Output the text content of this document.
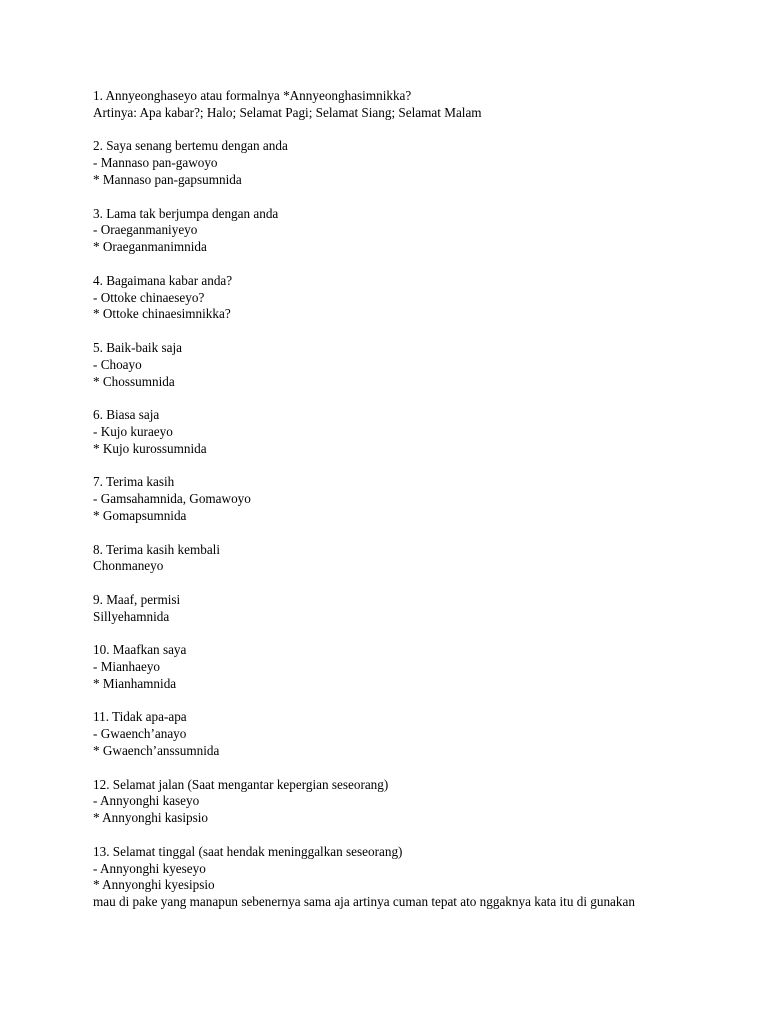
1. Annyeonghaseyo atau formalnya *Annyeonghasimnikka?
Artinya: Apa kabar?; Halo; Selamat Pagi; Selamat Siang; Selamat Malam
2. Saya senang bertemu dengan anda
- Mannaso pan-gawoyo
* Mannaso pan-gapsumnida
3. Lama tak berjumpa dengan anda
- Oraeganmaniyeyo
* Oraeganmanimnida
4. Bagaimana kabar anda?
- Ottoke chinaeseyo?
* Ottoke chinaesimnikka?
5. Baik-baik saja
- Choayo
* Chossumnida
6. Biasa saja
- Kujo kuraeyo
* Kujo kurossumnida
7. Terima kasih
- Gamsahamnida, Gomawoyo
* Gomapsumnida
8. Terima kasih kembali
Chonmaneyo
9. Maaf, permisi
Sillyehamnida
10. Maafkan saya
- Mianhaeyo
* Mianhamnida
11. Tidak apa-apa
- Gwaench’anayo
* Gwaench’anssumnida
12. Selamat jalan (Saat mengantar kepergian seseorang)
- Annyonghi kaseyo
* Annyonghi kasipsio
13. Selamat tinggal (saat hendak meninggalkan seseorang)
- Annyonghi kyeseyo
* Annyonghi kyesipsio
mau di pake yang manapun sebenernya sama aja artinya cuman tepat ato nggaknya kata itu di gunakan
